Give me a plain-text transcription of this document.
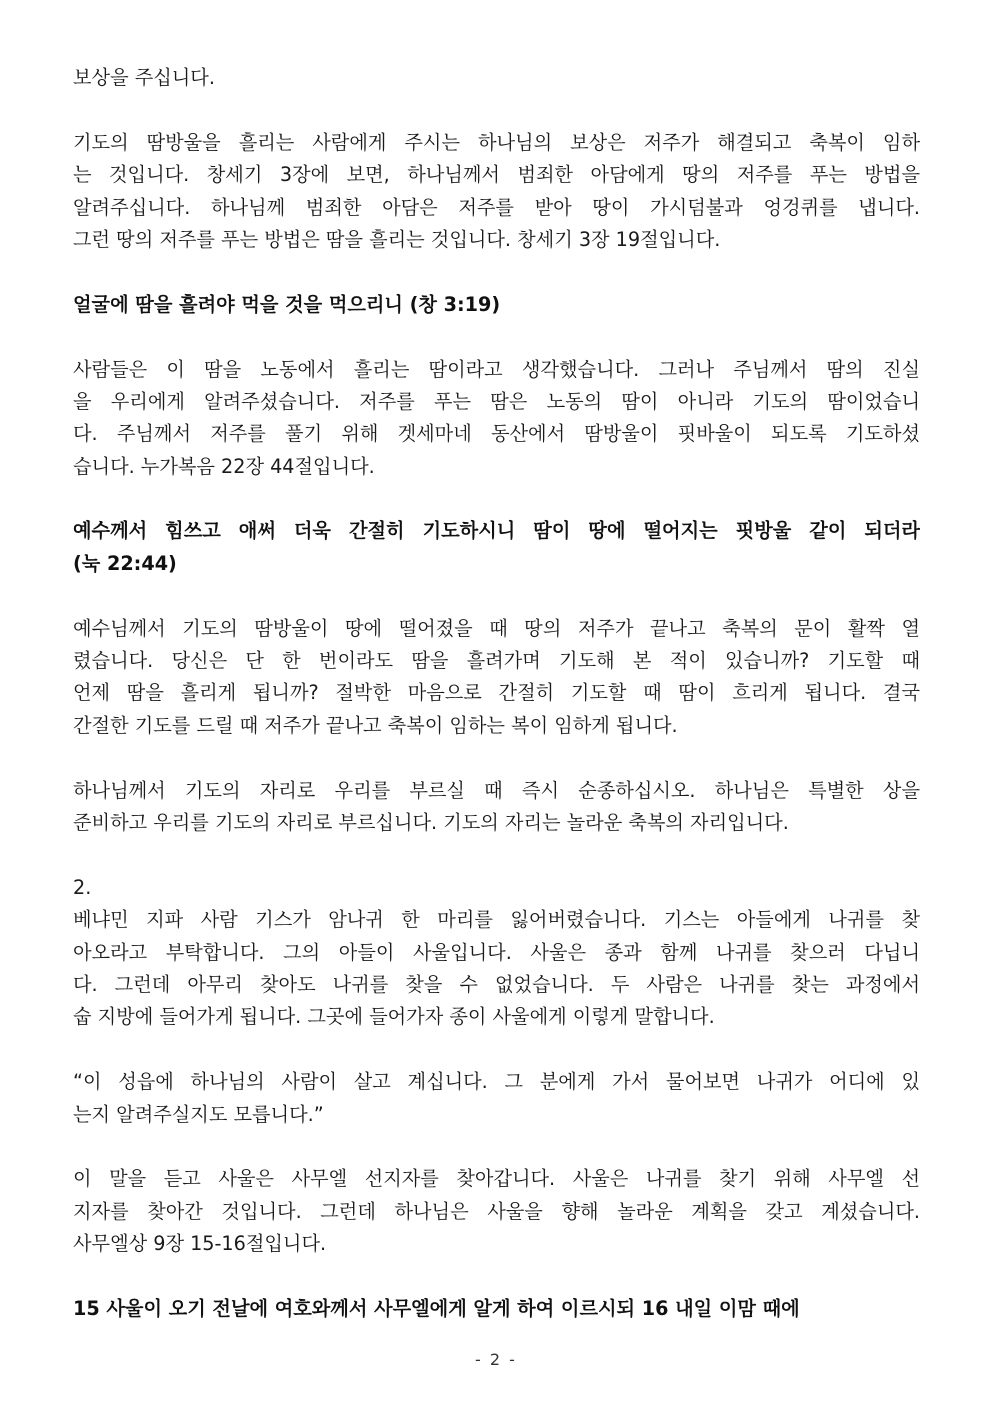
보상을 주십니다.
기도의 땀방울을 흘리는 사람에게 주시는 하나님의 보상은 저주가 해결되고 축복이 임하
는 것입니다. 창세기 3장에 보면, 하나님께서 범죄한 아담에게 땅의 저주를 푸는 방법을
알려주십니다. 하나님께 범죄한 아담은 저주를 받아 땅이 가시덤불과 엉겅퀴를 냅니다.
그런 땅의 저주를 푸는 방법은 땀을 흘리는 것입니다. 창세기 3장 19절입니다.
얼굴에 땀을 흘려야 먹을 것을 먹으리니 (창 3:19)
사람들은 이 땀을 노동에서 흘리는 땀이라고 생각했습니다. 그러나 주님께서 땀의 진실
을 우리에게 알려주셨습니다. 저주를 푸는 땀은 노동의 땀이 아니라 기도의 땀이었습니
다. 주님께서 저주를 풀기 위해 겟세마네 동산에서 땀방울이 핏바울이 되도록 기도하셨
습니다. 누가복음 22장 44절입니다.
예수께서 힘쓰고 애써 더욱 간절히 기도하시니 땀이 땅에 떨어지는 핏방울 같이 되더라
(눅 22:44)
예수님께서 기도의 땀방울이 땅에 떨어졌을 때 땅의 저주가 끝나고 축복의 문이 활짝 열
렸습니다. 당신은 단 한 번이라도 땀을 흘려가며 기도해 본 적이 있습니까? 기도할 때
언제 땀을 흘리게 됩니까? 절박한 마음으로 간절히 기도할 때 땀이 흐리게 됩니다. 결국
간절한 기도를 드릴 때 저주가 끝나고 축복이 임하는 복이 임하게 됩니다.
하나님께서 기도의 자리로 우리를 부르실 때 즉시 순종하십시오. 하나님은 특별한 상을
준비하고 우리를 기도의 자리로 부르십니다. 기도의 자리는 놀라운 축복의 자리입니다.
2.
베냐민 지파 사람 기스가 암나귀 한 마리를 잃어버렸습니다. 기스는 아들에게 나귀를 찾
아오라고 부탁합니다. 그의 아들이 사울입니다. 사울은 종과 함께 나귀를 찾으러 다닙니
다. 그런데 아무리 찾아도 나귀를 찾을 수 없었습니다. 두 사람은 나귀를 찾는 과정에서
숩 지방에 들어가게 됩니다. 그곳에 들어가자 종이 사울에게 이렇게 말합니다.
“이 성읍에 하나님의 사람이 살고 계십니다. 그 분에게 가서 물어보면 나귀가 어디에 있
는지 알려주실지도 모릅니다.”
이 말을 듣고 사울은 사무엘 선지자를 찾아갑니다. 사울은 나귀를 찾기 위해 사무엘 선
지자를 찾아간 것입니다. 그런데 하나님은 사울을 향해 놀라운 계획을 갖고 계셨습니다.
사무엘상 9장 15-16절입니다.
15 사울이 오기 전날에 여호와께서 사무엘에게 알게 하여 이르시되 16 내일 이맘 때에
- 2 -
